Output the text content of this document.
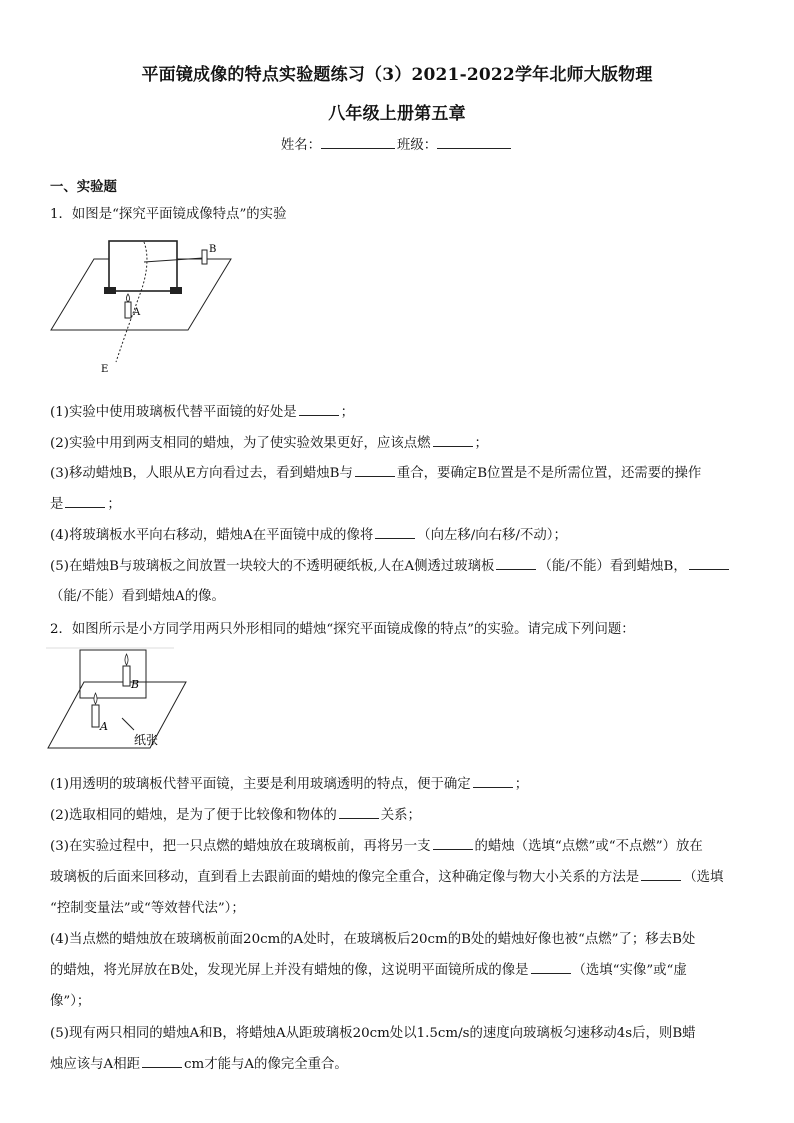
平面镜成像的特点实验题练习（3）2021-2022学年北师大版物理
八年级上册第五章
姓名：	班级：
一、实验题
1．如图是“探究平面镜成像特点”的实验
B
A
E
(1)实验中使用玻璃板代替平面镜的好处是	；
(2)实验中用到两支相同的蜡烛，为了使实验效果更好，应该点燃	；
(3)移动蜡烛B，人眼从E方向看过去，看到蜡烛B与	重合，要确定B位置是不是所需位置，还需要的操作
是	；
(4)将玻璃板水平向右移动，蜡烛A在平面镜中成的像将	（向左移/向右移/不动）；
(5)在蜡烛B与玻璃板之间放置一块较大的不透明硬纸板,人在A侧透过玻璃板	（能/不能）看到蜡烛B，
（能/不能）看到蜡烛A的像。
2．如图所示是小方同学用两只外形相同的蜡烛“探究平面镜成像的特点”的实验。请完成下列问题：
B
A
纸张
(1)用透明的玻璃板代替平面镜，主要是利用玻璃透明的特点，便于确定	；
(2)选取相同的蜡烛，是为了便于比较像和物体的	关系；
(3)在实验过程中，把一只点燃的蜡烛放在玻璃板前，再将另一支	的蜡烛（选填“点燃”或“不点燃”）放在
玻璃板的后面来回移动，直到看上去跟前面的蜡烛的像完全重合，这种确定像与物大小关系的方法是	（选填
“控制变量法”或“等效替代法”）；
(4)当点燃的蜡烛放在玻璃板前面20cm的A处时，在玻璃板后20cm的B处的蜡烛好像也被“点燃”了；移去B处
的蜡烛，将光屏放在B处，发现光屏上并没有蜡烛的像，这说明平面镜所成的像是	（选填“实像”或“虚
像”）；
(5)现有两只相同的蜡烛A和B，将蜡烛A从距玻璃板20cm处以1.5cm/s的速度向玻璃板匀速移动4s后，则B蜡
烛应该与A相距	cm才能与A的像完全重合。
